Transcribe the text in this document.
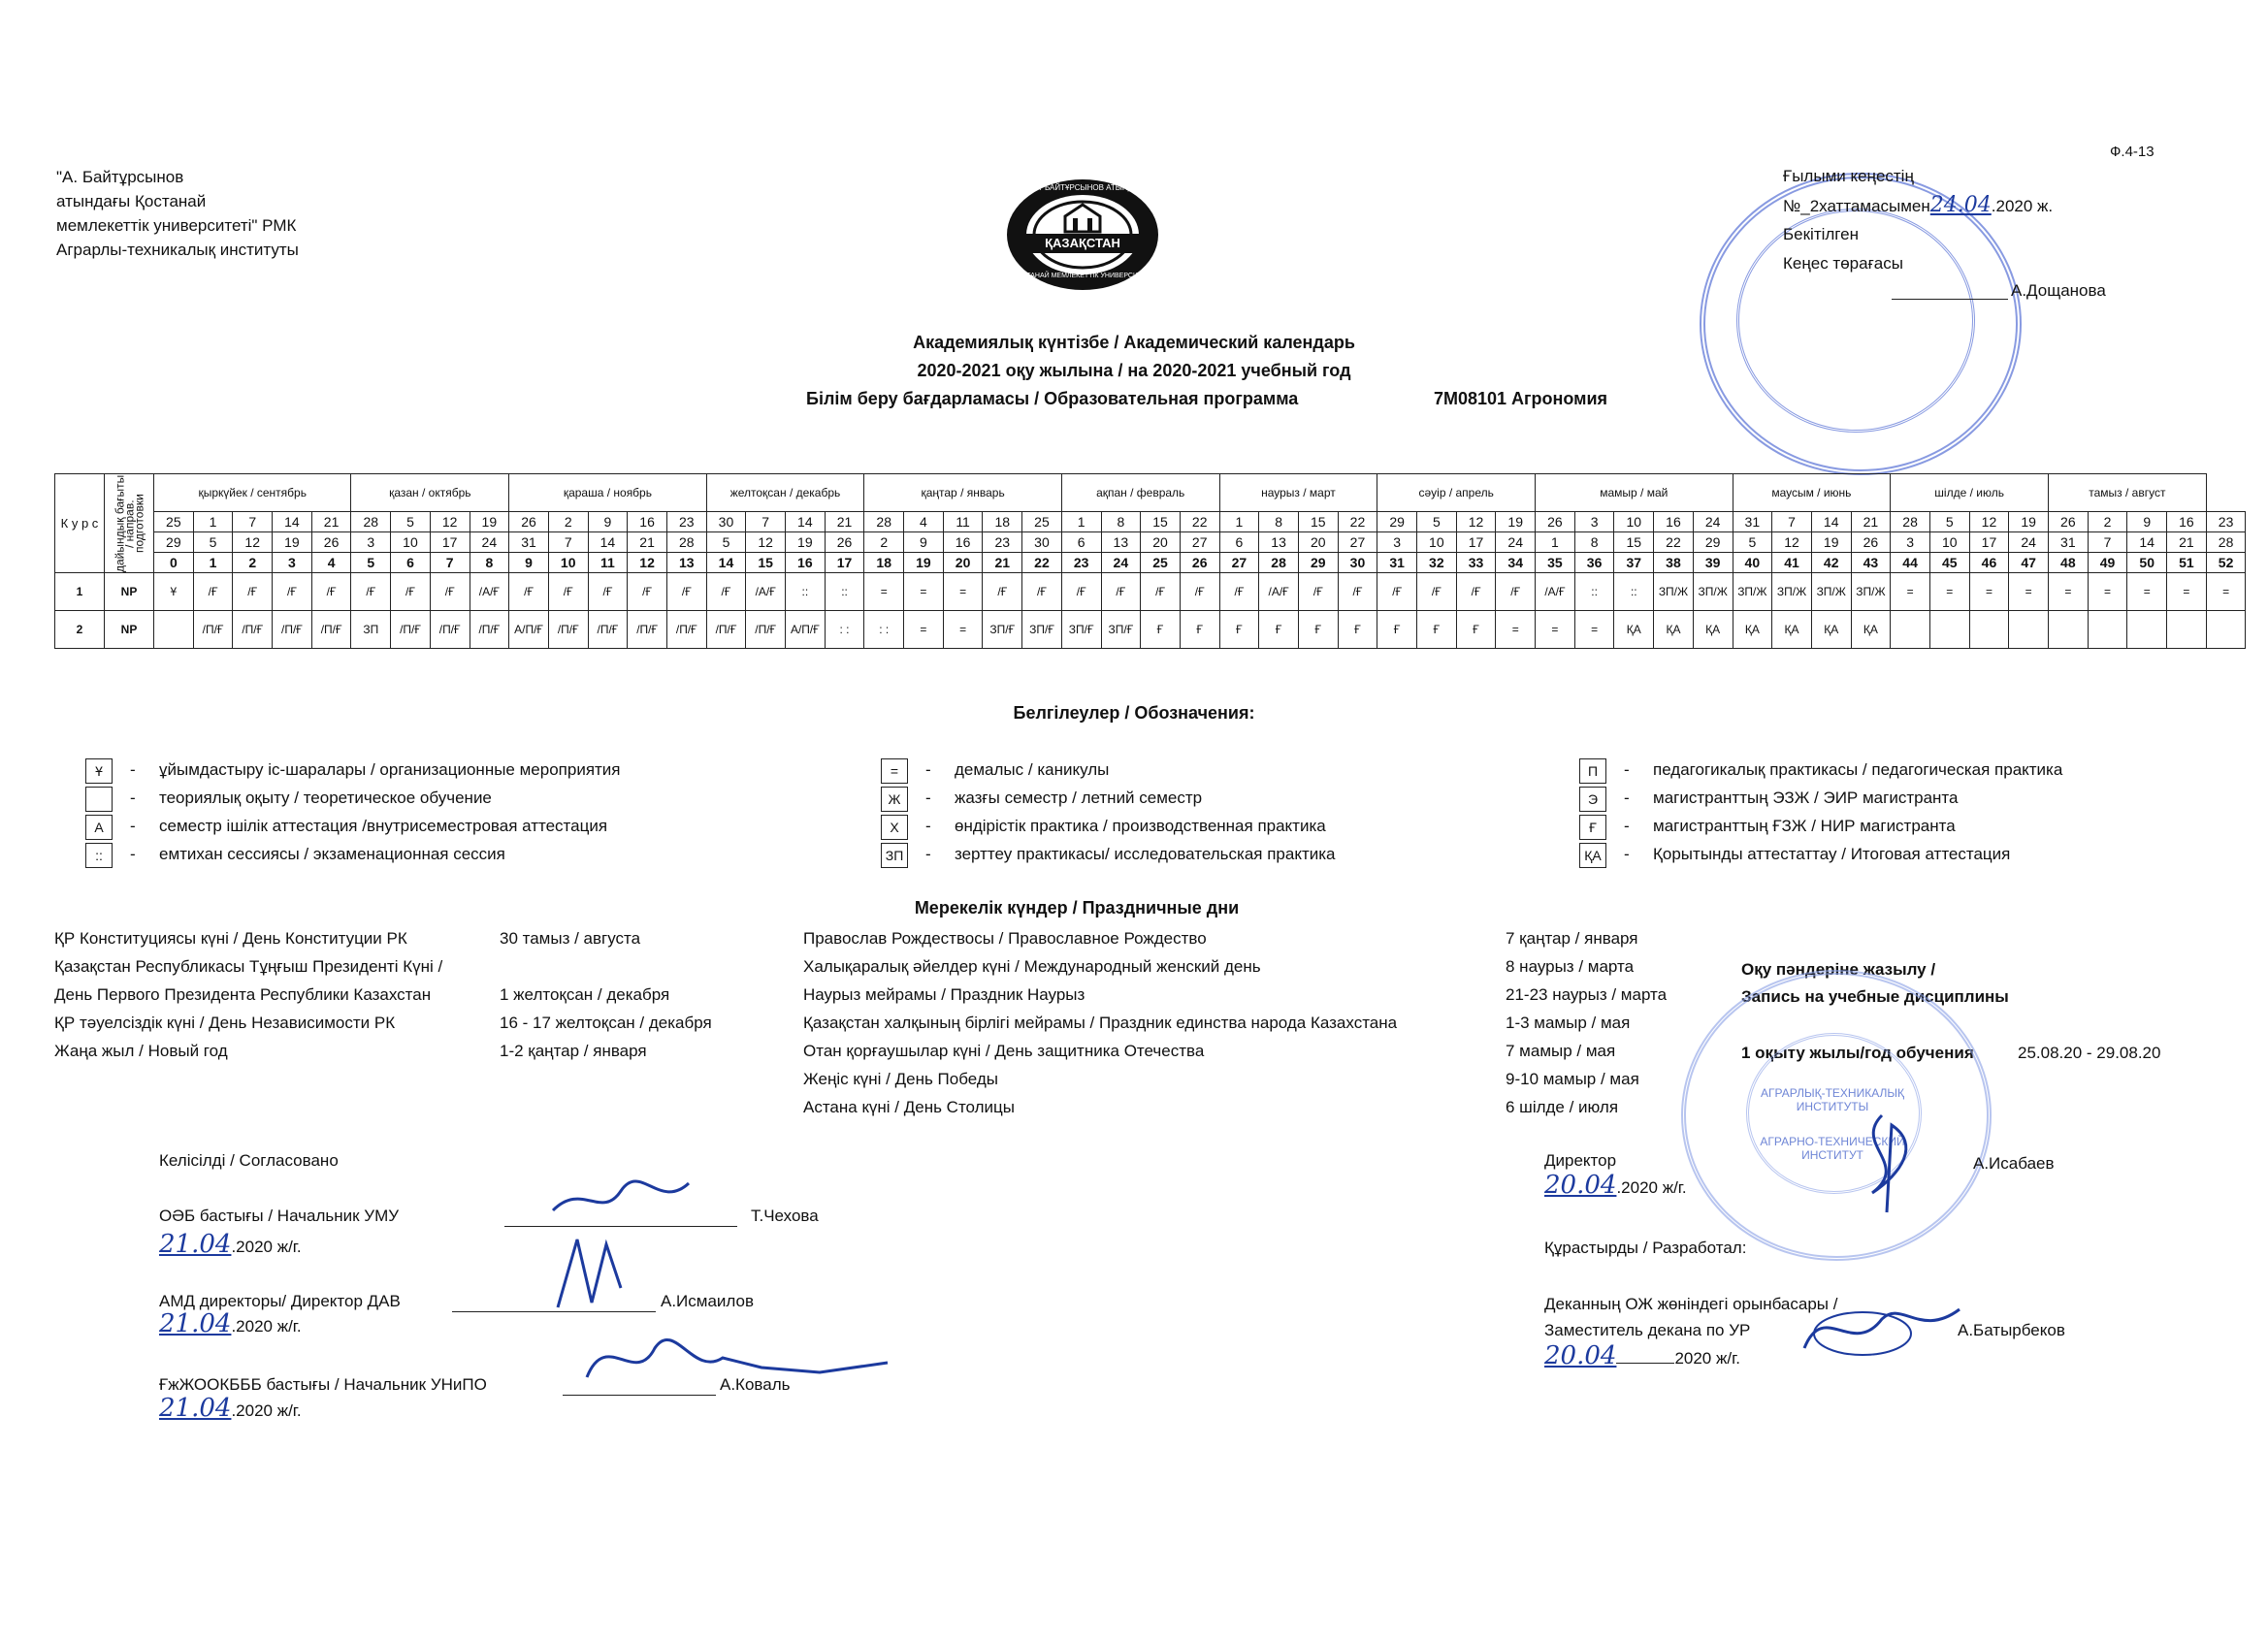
Ф.4-13
"А. Байтұрсынов
атындағы Қостанай
мемлекеттік университеті" РМК
Аграрлы-техникалық институты	ҚАЗАҚСТАН
АХМЕТ БАЙТҰРСЫНОВ АТЫНДАҒЫ
ҚОСТАНАЙ МЕМЛЕКЕТТІК УНИВЕРСИТЕТІ
Ғылыми кеңестің
№_2хаттамасымен24.04.2020 ж.
Бекітілген
Кеңес төрағасы
А.Дощанова
Академиялық күнтізбе / Академический календарь
2020-2021 оқу жылына / на 2020-2021 учебный год
Білім беру бағдарламасы / Образовательная программа	7М08101 Агрономия
К у р с	дайындық бағыты / направ. подготовки	қыркүйек / сентябрь					қазан / октябрь				қараша / ноябрь					желтоқсан / декабрь				қаңтар / январь					ақпан / февраль				наурыз / март				сәуір / апрель				мамыр / май					маусым / июнь				шілде / июль				тамыз / август				
		25	1	7	14	21	28	5	12	19	26	2	9	16	23	30	7	14	21	28	4	11	18	25	1	8	15	22	1	8	15	22	29	5	12	19	26	3	10	16	24	31	7	14	21	28	5	12	19	26	2	9	16	23
		29	5	12	19	26	3	10	17	24	31	7	14	21	28	5	12	19	26	2	9	16	23	30	6	13	20	27	6	13	20	27	3	10	17	24	1	8	15	22	29	5	12	19	26	3	10	17	24	31	7	14	21	28
		0	1	2	3	4	5	6	7	8	9	10	11	12	13	14	15	16	17	18	19	20	21	22	23	24	25	26	27	28	29	30	31	32	33	34	35	36	37	38	39	40	41	42	43	44	45	46	47	48	49	50	51	52
1	NP	Ұ	/Ғ	/Ғ	/Ғ	/Ғ	/Ғ	/Ғ	/Ғ	/А/Ғ	/Ғ	/Ғ	/Ғ	/Ғ	/Ғ	/Ғ	/А/Ғ	::	::	=	=	=	/Ғ	/Ғ	/Ғ	/Ғ	/Ғ	/Ғ	/Ғ	/А/Ғ	/Ғ	/Ғ	/Ғ	/Ғ	/Ғ	/Ғ	/А/Ғ	::	::	ЗП/Ж	ЗП/Ж	ЗП/Ж	ЗП/Ж	ЗП/Ж	ЗП/Ж	=	=	=	=	=	=	=	=	=
2	NP		/П/Ғ	/П/Ғ	/П/Ғ	/П/Ғ	ЗП	/П/Ғ	/П/Ғ	/П/Ғ	А/П/Ғ	/П/Ғ	/П/Ғ	/П/Ғ	/П/Ғ	/П/Ғ	/П/Ғ	А/П/Ғ	: :	: :	=	=	ЗП/Ғ	ЗП/Ғ	ЗП/Ғ	ЗП/Ғ	Ғ	Ғ	Ғ	Ғ	Ғ	Ғ	Ғ	Ғ	Ғ	=	=	=	ҚА	ҚА	ҚА	ҚА	ҚА	ҚА	ҚА									
Белгілеулер / Обозначения:
Ұ	- ұйымдастыру іс-шаралары / организационные мероприятия
- теориялық оқыту / теоретическое обучение
А	- семестр ішілік аттестация /внутрисеместровая аттестация
::	- емтихан сессиясы / экзаменационная сессия
=	- демалыс / каникулы
Ж	- жазғы семестр / летний семестр
Х	- өндірістік практика / производственная практика
ЗП - зерттеу практикасы/ исследовательская практика
П	- педагогикалық практикасы / педагогическая практика
Э	- магистранттың ЭЗЖ / ЭИР магистранта
Ғ	- магистранттың ҒЗЖ / НИР магистранта
ҚА	- Қорытынды аттестаттау / Итоговая аттестация
Мерекелік күндер / Праздничные дни
ҚР Конституциясы күні / День Конституции РК	30 тамыз / августа
Қазақстан Республикасы Тұңғыш Президенті Күні /
День Первого Президента Республики Казахстан	1 желтоқсан / декабря
ҚР тәуелсіздік күні / День Независимости РК	16 - 17 желтоқсан / декабря
Жаңа жыл / Новый год	1-2 қаңтар / января
Православ Рождествосы / Православное Рождество	7 қаңтар / января
Халықаралық әйелдер күні / Международный женский день	8 наурыз / марта
Наурыз мейрамы / Праздник Наурыз	21-23 наурыз / марта
Қазақстан халқының бірлігі мейрамы / Праздник единства народа Казахстана	1-3 мамыр / мая
Отан қорғаушылар күні / День защитника Отечества	7 мамыр / мая
Жеңіс күні / День Победы	9-10 мамыр / мая
Астана күні / День Столицы	6 шілде / июля
Оқу пәндеріне жазылу /
Запись на учебные дисциплины
1 оқыту жылы/год обучения	25.08.20 - 29.08.20
АГРАРЛЫҚ-ТЕХНИКАЛЫҚ
ИНСТИТУТЫ
АГРАРНО-ТЕХНИЧЕСКИЙ
ИНСТИТУТ
Келісілді / Согласовано
ОӘБ бастығы / Начальник УМУ	Т.Чехова
21.04.2020 ж/г.
АМД директоры/ Директор ДАВ	А.Исмаилов
21.04.2020 ж/г.
ҒжЖООКБББ бастығы / Начальник УНиПО	А.Коваль
21.04.2020 ж/г.
Директор
20.04.2020 ж/г.
А.Исабаев
Құрастырды / Разработал:
Деканның ОЖ жөніндегі орынбасары /
Заместитель декана по УР
20.04	2020 ж/г.
А.Батырбеков
